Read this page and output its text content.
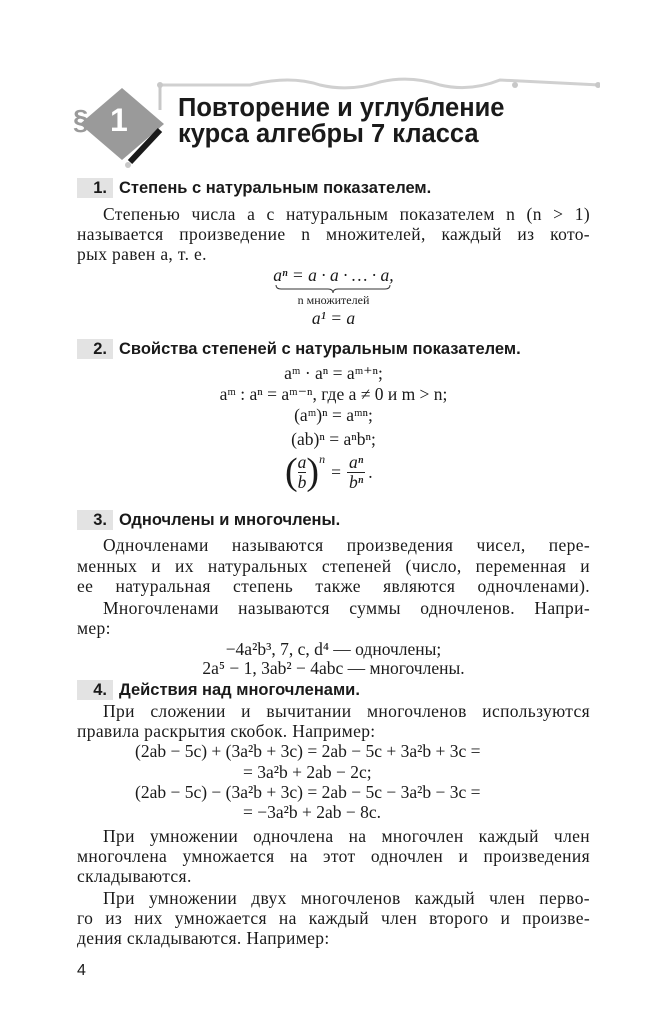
§ 1 Повторение и углубление
курса алгебры 7 класса
1. Степень с натуральным показателем.
Степенью числа a с натуральным показателем n (n > 1)
называется произведение n множителей, каждый из кото-
рых равен a, т. е.
aⁿ = a · a · … · a,
n множителей
a¹ = a
2. Свойства степеней с натуральным показателем.
aᵐ · aⁿ = aᵐ⁺ⁿ;
aᵐ : aⁿ = aᵐ⁻ⁿ, где a ≠ 0 и m > n;
(aᵐ)ⁿ = aᵐⁿ;
(ab)ⁿ = aⁿbⁿ;
( $\frac{a}{b}$ ) n
= $\frac{\text{aⁿ}}{\text{bⁿ}}$ .
3. Одночлены и многочлены.
Одночленами называются произведения чисел, пере-
менных и их натуральных степеней (число, переменная и
ее натуральная степень также являются одночленами).
Многочленами называются суммы одночленов. Напри-
мер:
−4a²b³, 7, c, d⁴ — одночлены;
2a⁵ − 1, 3ab² − 4abc — многочлены.
4. Действия над многочленами.
При сложении и вычитании многочленов используются
правила раскрытия скобок. Например:
(2ab − 5c) + (3a²b + 3c) = 2ab − 5c + 3a²b + 3c =
= 3a²b + 2ab − 2c;
(2ab − 5c) − (3a²b + 3c) = 2ab − 5c − 3a²b − 3c =
= −3a²b + 2ab − 8c.
При умножении одночлена на многочлен каждый член
многочлена умножается на этот одночлен и произведения
складываются.
При умножении двух многочленов каждый член перво-
го из них умножается на каждый член второго и произве-
дения складываются. Например:
4
